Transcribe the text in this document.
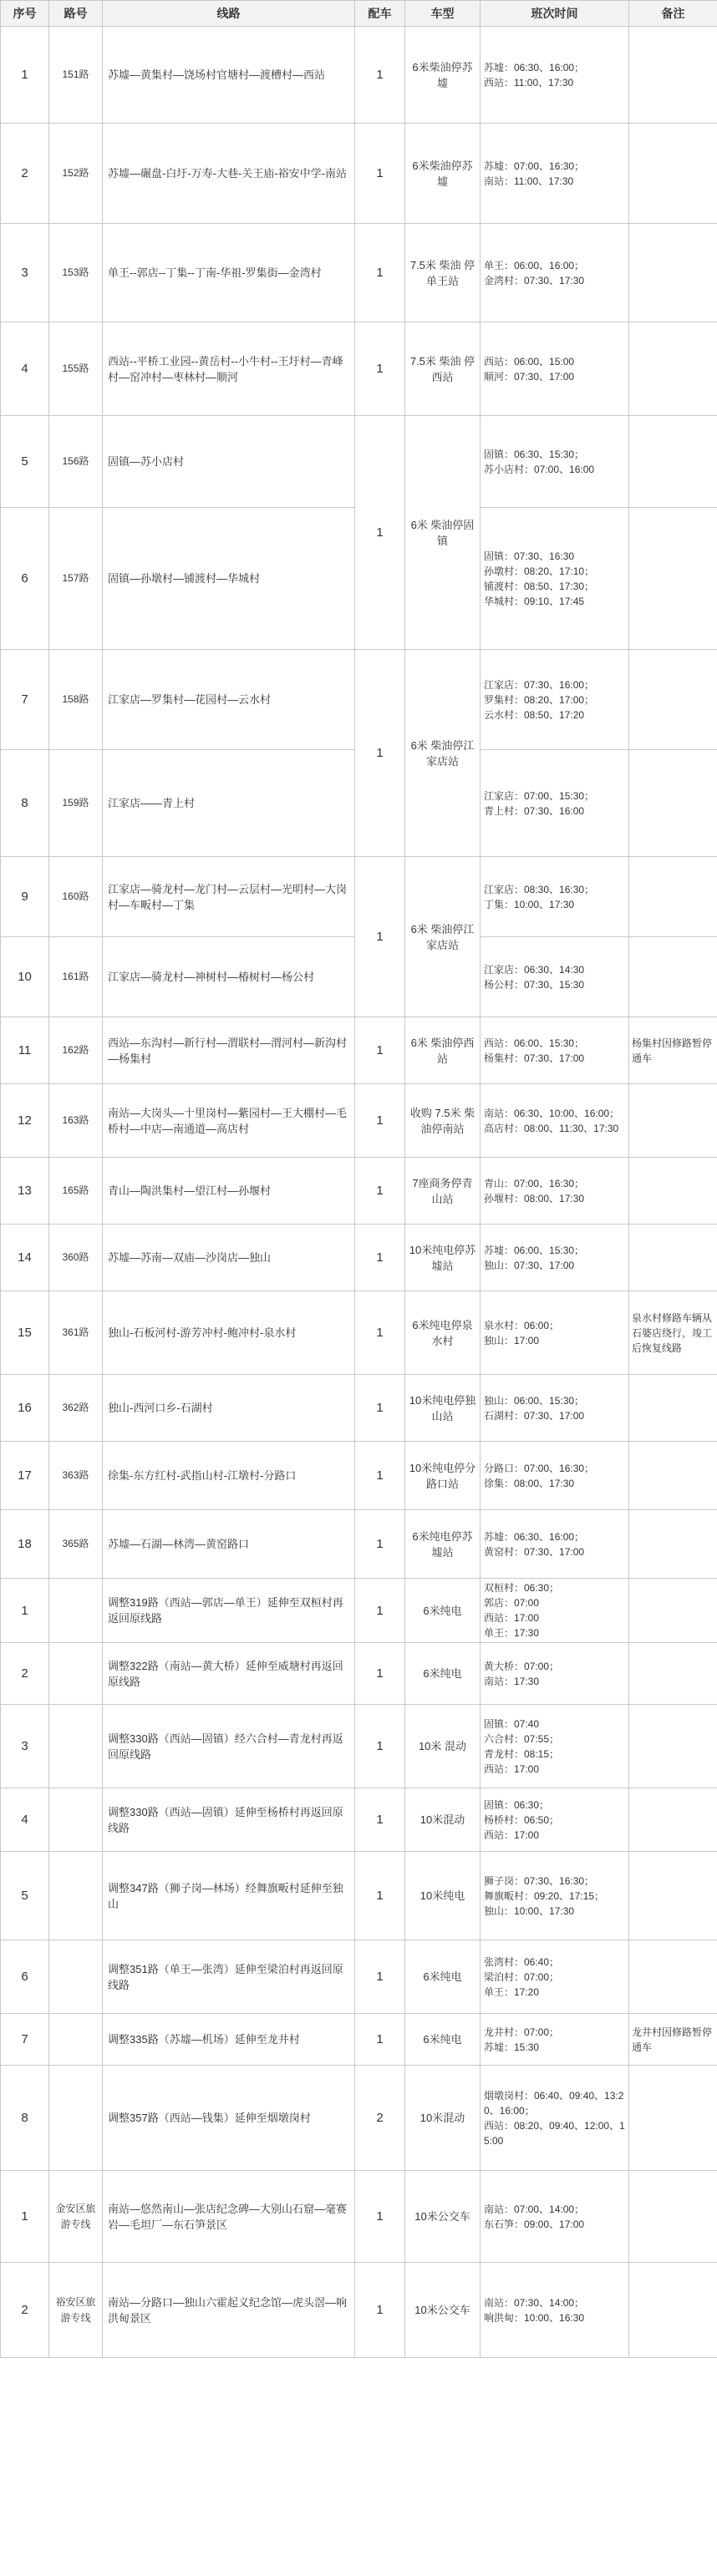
序号	路号	线路	配车	车型	班次时间	备注
1	151路	苏墟—黄集村—饶场村官塘村—渡槽村—西站	1	6米柴油停苏墟	苏墟：06:30、16:00；
西站：11:00、17:30	

2	152路	苏墟—碾盘-白圩-万寿-大巷-关王庙-裕安中学-南站	1	6米柴油停苏墟	苏墟：07:00、16:30；
南站：11:00、17:30	

3	153路	单王--郭店--丁集--丁南-华祖-罗集街—金湾村	1	7.5米 柴油 停单王站	单王：06:00、16:00；
金湾村：07:30、17:30	

4	155路	西站--平桥工业园--黄岳村--小牛村--王圩村—青峰村—窑冲村—枣林村—顺河	1	7.5米 柴油 停西站	西站：06:00、15:00
顺河：07:30、17:00	

5	156路	固镇—苏小店村	1	6米 柴油停固镇	固镇：06:30、15:30；
苏小店村：07:00、16:00	

6	157路	固镇—孙墩村—铺渡村—华城村			固镇：07:30、16:30
孙墩村：08:20、17:10；
铺渡村：08:50、17:30；
华城村：09:10、17:45	

7	158路	江家店—罗集村—花园村—云水村	1	6米 柴油停江家店站	江家店：07:30、16:00；
罗集村：08:20、17:00；
云水村：08:50、17:20	

8	159路	江家店——青上村			江家店：07:00、15:30；
青上村：07:30、16:00	

9	160路	江家店—骑龙村—龙门村—云层村—光明村—大岗村—车畈村—丁集	1	6米 柴油停江家店站	江家店：08:30、16:30；
丁集：10:00、17:30	

10	161路	江家店—骑龙村—神树村—椿树村—杨公村			江家店：06:30、14:30
杨公村：07:30、15:30	

11	162路	西站—东沟村—新行村—渭联村—渭河村—新沟村—杨集村	1	6米 柴油停西站	西站：06:00、15:30；
杨集村：07:30、17:00	杨集村因修路暂停通车
12	163路	南站—大岗头—十里岗村—紫园村—王大棚村—毛桥村—中店—南通道—高店村	1	收购 7.5米 柴油停南站	南站：06:30、10:00、16:00；
高店村：08:00、11:30、17:30	

13	165路	青山—陶洪集村—望江村—孙堰村	1	7座商务停青山站	青山：07:00、16:30；
孙堰村：08:00、17:30	

14	360路	苏墟—苏南—双庙—沙岗店—独山	1	10米纯电停苏墟站	苏墟：06:00、15:30；
独山：07:30、17:00	

15	361路	独山-石板河村-游芳冲村-鲍冲村-泉水村	1	6米纯电停泉水村	泉水村：06:00；
独山：17:00	泉水村修路车辆从石婆店绕行，竣工后恢复线路
16	362路	独山-西河口乡-石湖村	1	10米纯电停独山站	独山：06:00、15:30；
石湖村：07:30、17:00	

17	363路	徐集-东方红村-武指山村-江墩村-分路口	1	10米纯电停分路口站	分路口：07:00、16:30；
徐集：08:00、17:30	

18	365路	苏墟—石湖—林湾—黄窑路口	1	6米纯电停苏墟站	苏墟：06:30、16:00；
黄窑村：07:30、17:00	

1		调整319路（西站—郭店—单王）延伸至双桓村再返回原线路	1	6米纯电	双桓村：06:30；
郭店：07:00
西站：17:00
单王：17:30	

2		调整322路（南站—黄大桥）延伸至威塘村再返回原线路	1	6米纯电	黄大桥：07:00；
南站：17:30	

3		调整330路（西站—固镇）经六合村—青龙村再返回原线路	1	10米 混动	固镇：07:40
六合村：07:55；
青龙村：08:15；
西站：17:00	

4		调整330路（西站—固镇）延伸至杨桥村再返回原线路	1	10米混动	固镇：06:30；
杨桥村：06:50；
西站：17:00	

5		调整347路（狮子岗—林场）经舞旗畈村延伸至独山	1	10米纯电	狮子岗：07:30、16:30；
舞旗畈村：09:20、17:15；
独山：10:00、17:30	

6		调整351路（单王—张湾）延伸至梁泊村再返回原线路	1	6米纯电	张湾村：06:40；
梁泊村：07:00；
单王：17:20	

7		调整335路（苏墟—机场）延伸至龙井村	1	6米纯电	龙井村：07:00；
苏墟：15:30	龙井村因修路暂停通车
8		调整357路（西站—钱集）延伸至烟墩岗村	2	10米混动	烟墩岗村：06:40、09:40、13:20、16:00；
西站：08:20、09:40、12:00、15:00	

1	金安区旅游专线	南站—悠然南山—张店纪念碑—大别山石窟—毫赛岩—毛坦厂—东石笋景区	1	10米公交车	南站：07:00、14:00；
东石笋：09:00、17:00	

2	裕安区旅游专线	南站—分路口—独山六霍起义纪念馆—虎头滘—响洪甸景区	1	10米公交车	南站：07:30、14:00；
响洪甸：10:00、16:30	
